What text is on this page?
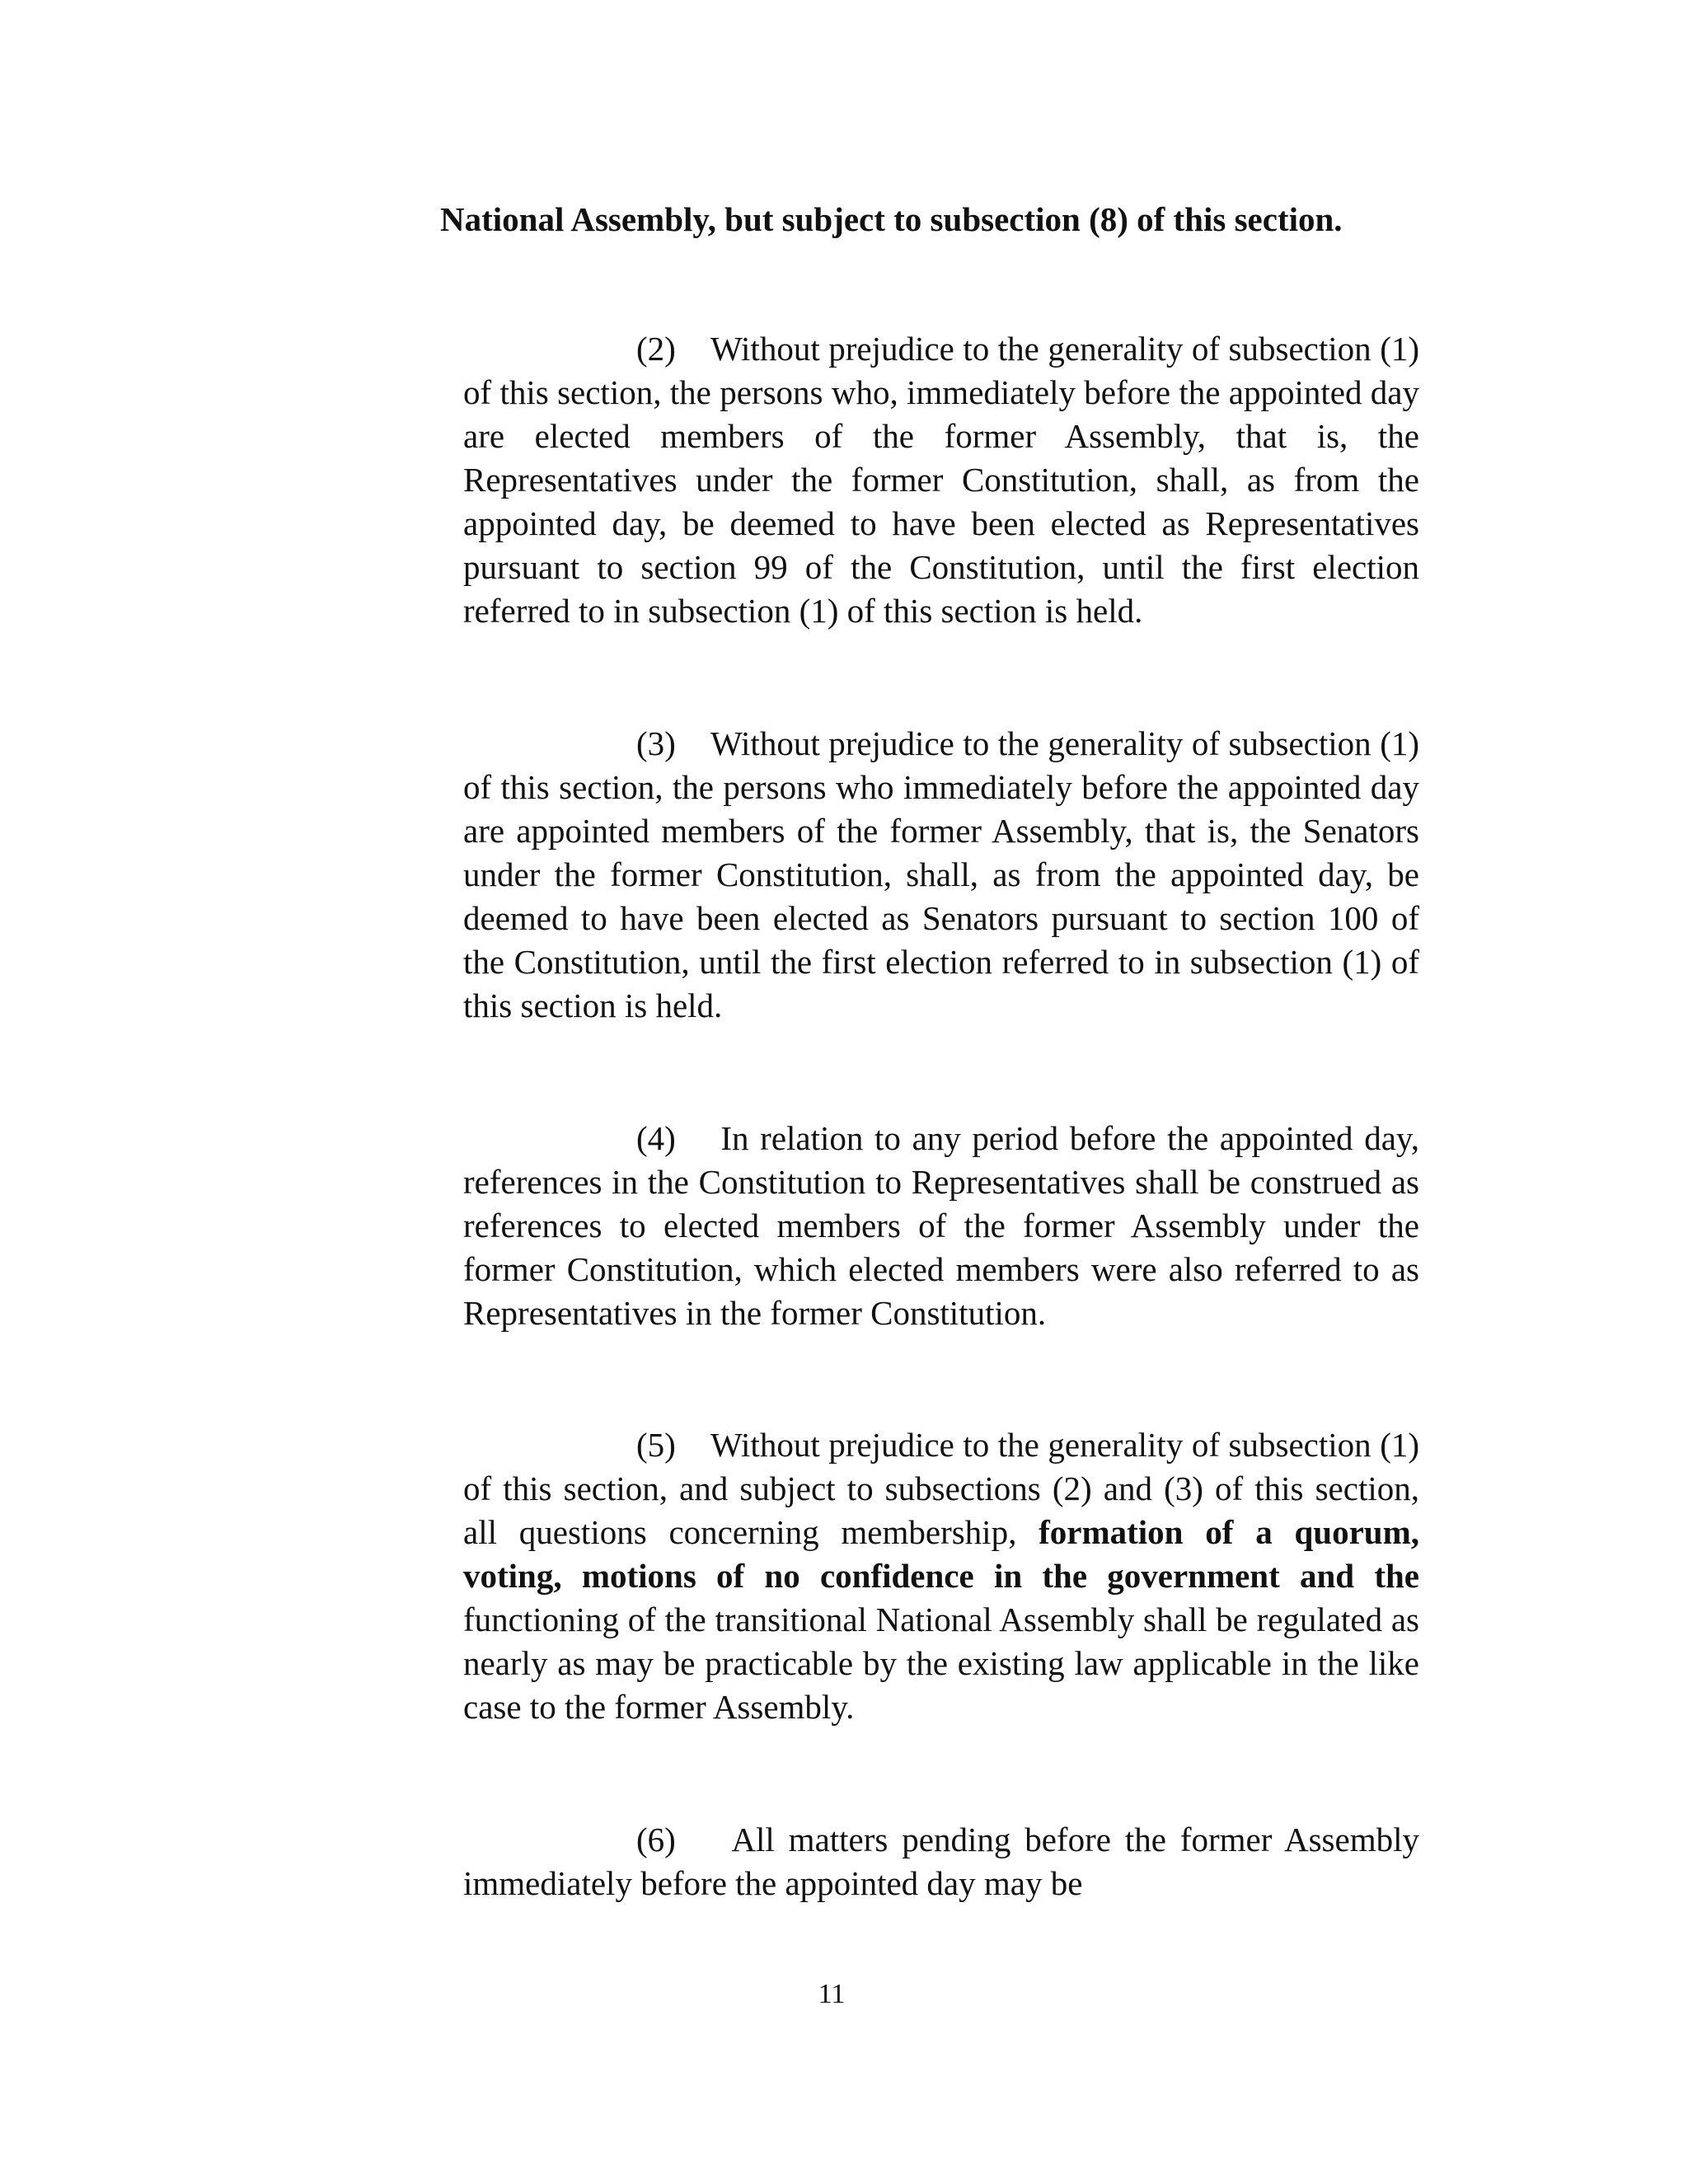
National Assembly, but subject to subsection (8) of this section.

(2)    Without prejudice to the generality of subsection (1) of this section, the persons who, immediately before the appointed day are elected members of the former Assembly, that is, the Representatives under the former Constitution, shall, as from the appointed day, be deemed to have been elected as Representatives pursuant to section 99 of the Constitution, until the first election referred to in subsection (1) of this section is held.

(3)    Without prejudice to the generality of subsection (1) of this section, the persons who immediately before the appointed day are appointed members of the former Assembly, that is, the Senators under the former Constitution, shall, as from the appointed day, be deemed to have been elected as Senators pursuant to section 100 of the Constitution, until the first election referred to in subsection (1) of this section is held.

(4)    In relation to any period before the appointed day, references in the Constitution to Representatives shall be construed as references to elected members of the former Assembly under the former Constitution, which elected members were also referred to as Representatives in the former Constitution.

(5)    Without prejudice to the generality of subsection (1) of this section, and subject to subsections (2) and (3) of this section, all questions concerning membership, formation of a quorum, voting, motions of no confidence in the government and the functioning of the transitional National Assembly shall be regulated as nearly as may be practicable by the existing law applicable in the like case to the former Assembly.

(6)    All matters pending before the former Assembly immediately before the appointed day may be

11
